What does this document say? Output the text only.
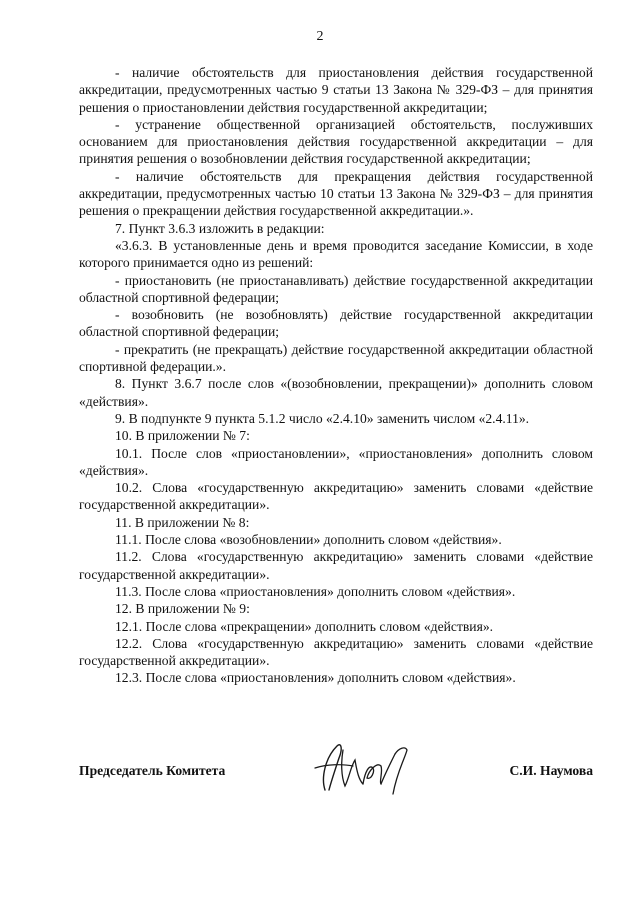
2

- наличие обстоятельств для приостановления действия государственной аккредитации, предусмотренных частью 9 статьи 13 Закона № 329-ФЗ – для принятия решения о приостановлении действия государственной аккредитации;

- устранение общественной организацией обстоятельств, послуживших основанием для приостановления действия государственной аккредитации – для принятия решения о возобновлении действия государственной аккредитации;

- наличие обстоятельств для прекращения действия государственной аккредитации, предусмотренных частью 10 статьи 13 Закона № 329-ФЗ – для принятия решения о прекращении действия государственной аккредитации.».

7. Пункт 3.6.3 изложить в редакции:

«3.6.3. В установленные день и время проводится заседание Комиссии, в ходе которого принимается одно из решений:

- приостановить (не приостанавливать) действие государственной аккредитации областной спортивной федерации;

- возобновить (не возобновлять) действие государственной аккредитации областной спортивной федерации;

- прекратить (не прекращать) действие государственной аккредитации областной спортивной федерации.».

8. Пункт 3.6.7 после слов «(возобновлении, прекращении)» дополнить словом «действия».

9. В подпункте 9 пункта 5.1.2 число «2.4.10» заменить числом «2.4.11».

10. В приложении № 7:

10.1. После слов «приостановлении», «приостановления» дополнить словом «действия».

10.2. Слова «государственную аккредитацию» заменить словами «действие государственной аккредитации».

11. В приложении № 8:

11.1. После слова «возобновлении» дополнить словом «действия».

11.2. Слова «государственную аккредитацию» заменить словами «действие государственной аккредитации».

11.3. После слова «приостановления» дополнить словом «действия».

12. В приложении № 9:

12.1. После слова «прекращении» дополнить словом «действия».

12.2. Слова «государственную аккредитацию» заменить словами «действие государственной аккредитации».

12.3. После слова «приостановления» дополнить словом «действия».

Председатель Комитета	С.И. Наумова
